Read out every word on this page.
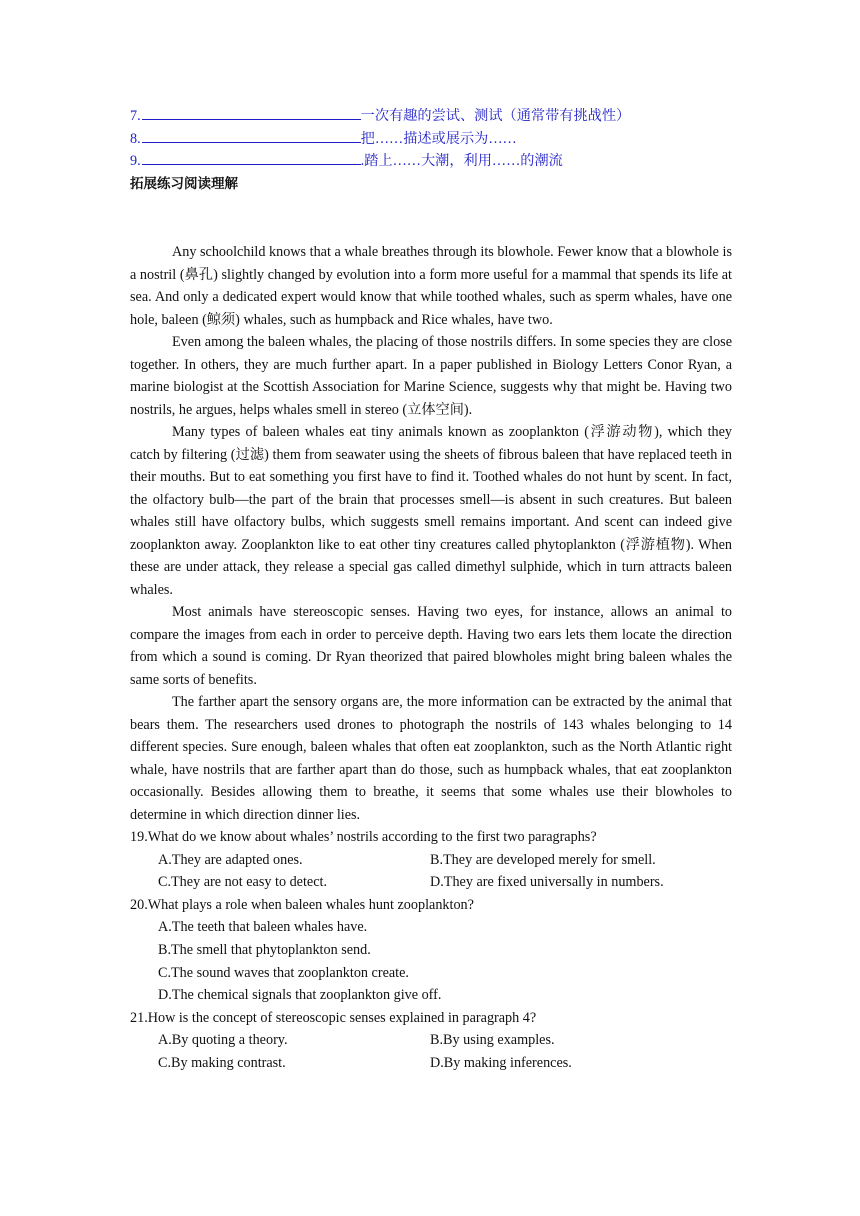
7.	一次有趣的尝试、测试（通常带有挑战性）
8.	把……描述或展示为……
9.	.踏上……大潮，利用……的潮流
拓展练习阅读理解

Any schoolchild knows that a whale breathes through its blowhole. Fewer know that a blowhole is a nostril (鼻孔) slightly changed by evolution into a form more useful for a mammal that spends its life at sea. And only a dedicated expert would know that while toothed whales, such as sperm whales, have one hole, baleen (鲸须) whales, such as humpback and Rice whales, have two.

Even among the baleen whales, the placing of those nostrils differs. In some species they are close together. In others, they are much further apart. In a paper published in Biology Letters Conor Ryan, a marine biologist at the Scottish Association for Marine Science, suggests why that might be. Having two nostrils, he argues, helps whales smell in stereo (立体空间).

Many types of baleen whales eat tiny animals known as zooplankton (浮游动物), which they catch by filtering (过滤) them from seawater using the sheets of fibrous baleen that have replaced teeth in their mouths. But to eat something you first have to find it. Toothed whales do not hunt by scent. In fact, the olfactory bulb—the part of the brain that processes smell—is absent in such creatures. But baleen whales still have olfactory bulbs, which suggests smell remains important. And scent can indeed give zooplankton away. Zooplankton like to eat other tiny creatures called phytoplankton (浮游植物). When these are under attack, they release a special gas called dimethyl sulphide, which in turn attracts baleen whales.

Most animals have stereoscopic senses. Having two eyes, for instance, allows an animal to compare the images from each in order to perceive depth. Having two ears lets them locate the direction from which a sound is coming. Dr Ryan theorized that paired blowholes might bring baleen whales the same sorts of benefits.

The farther apart the sensory organs are, the more information can be extracted by the animal that bears them. The researchers used drones to photograph the nostrils of 143 whales belonging to 14 different species. Sure enough, baleen whales that often eat zooplankton, such as the North Atlantic right whale, have nostrils that are farther apart than do those, such as humpback whales, that eat zooplankton occasionally. Besides allowing them to breathe, it seems that some whales use their blowholes to determine in which direction dinner lies.

19.What do we know about whales’ nostrils according to the first two paragraphs?

A.They are adapted ones.	B.They are developed merely for smell.
C.They are not easy to detect.	D.They are fixed universally in numbers.

20.What plays a role when baleen whales hunt zooplankton?

A.The teeth that baleen whales have.
B.The smell that phytoplankton send.
C.The sound waves that zooplankton create.
D.The chemical signals that zooplankton give off.

21.How is the concept of stereoscopic senses explained in paragraph 4?

A.By quoting a theory.	B.By using examples.
C.By making contrast.	D.By making inferences.
